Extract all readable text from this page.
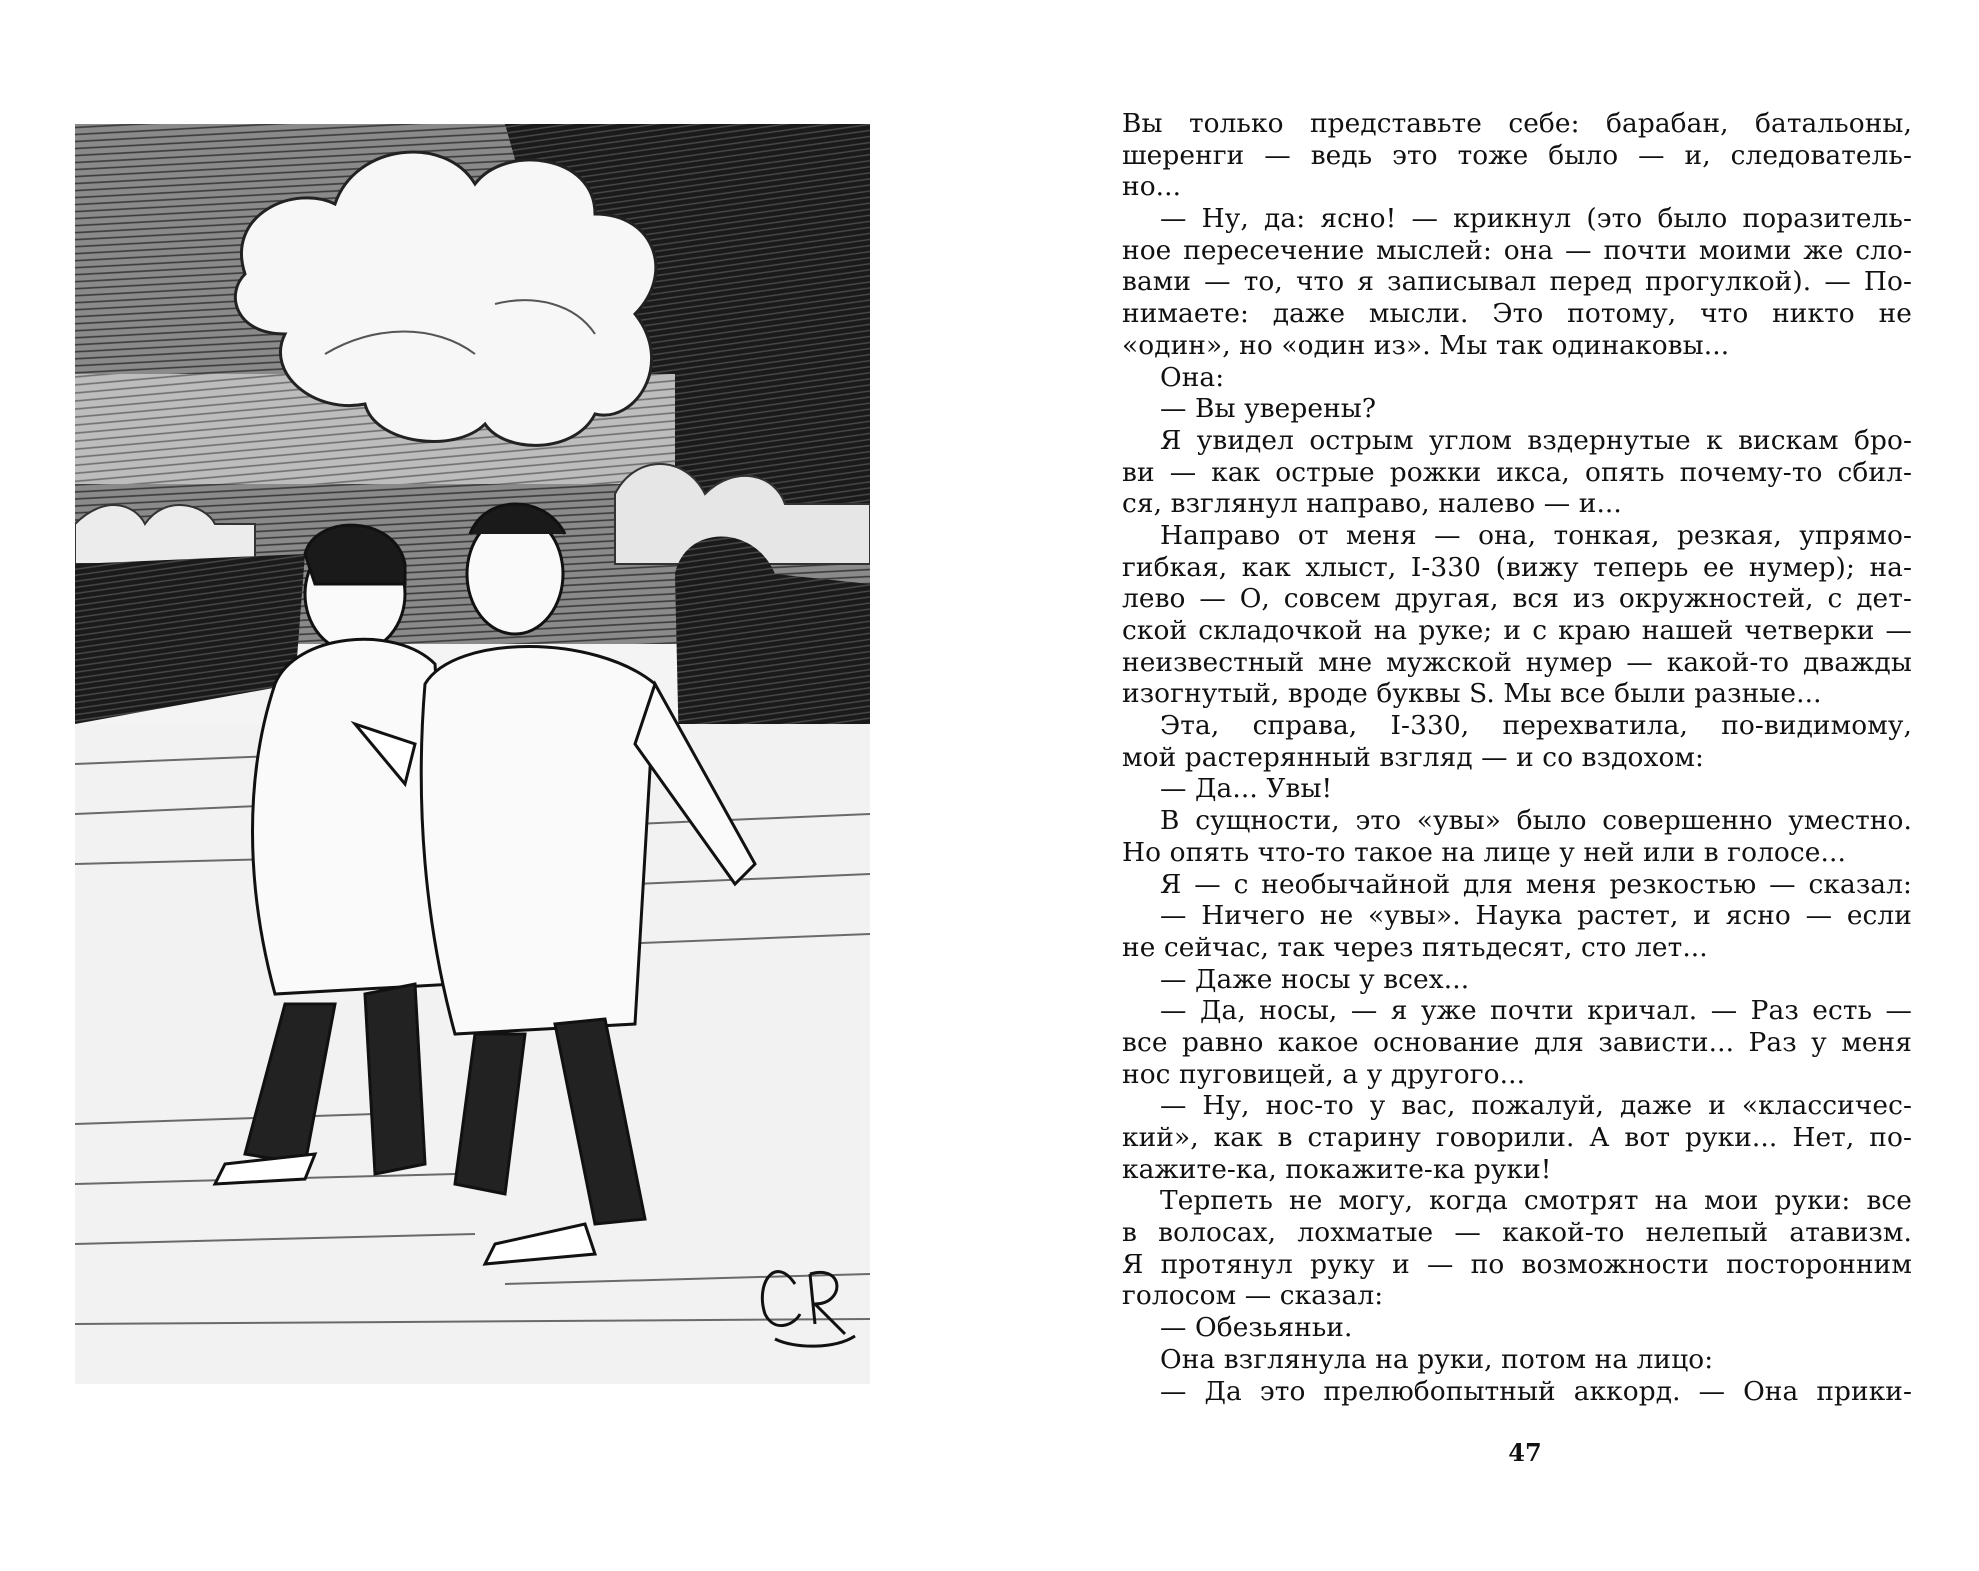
Вы только представьте себе: барабан, батальоны,
шеренги — ведь это тоже было — и, следователь-
но...
— Ну, да: ясно! — крикнул (это было поразитель-
ное пересечение мыслей: она — почти моими же сло-
вами — то, что я записывал перед прогулкой). — По-
нимаете: даже мысли. Это потому, что никто не
«один», но «один из». Мы так одинаковы...
Она:
— Вы уверены?
Я увидел острым углом вздернутые к вискам бро-
ви — как острые рожки икса, опять почему-то сбил-
ся, взглянул направо, налево — и...
Направо от меня — она, тонкая, резкая, упрямо-
гибкая, как хлыст, I-330 (вижу теперь ее нумер); на-
лево — О, совсем другая, вся из окружностей, с дет-
ской складочкой на руке; и с краю нашей четверки —
неизвестный мне мужской нумер — какой-то дважды
изогнутый, вроде буквы S. Мы все были разные...
Эта, справа, I-330, перехватила, по-видимому,
мой растерянный взгляд — и со вздохом:
— Да... Увы!
В сущности, это «увы» было совершенно уместно.
Но опять что-то такое на лице у ней или в голосе...
Я — с необычайной для меня резкостью — сказал:
— Ничего не «увы». Наука растет, и ясно — если
не сейчас, так через пятьдесят, сто лет...
— Даже носы у всех...
— Да, носы, — я уже почти кричал. — Раз есть —
все равно какое основание для зависти... Раз у меня
нос пуговицей, а у другого...
— Ну, нос-то у вас, пожалуй, даже и «классичес-
кий», как в старину говорили. А вот руки... Нет, по-
кажите-ка, покажите-ка руки!
Терпеть не могу, когда смотрят на мои руки: все
в волосах, лохматые — какой-то нелепый атавизм.
Я протянул руку и — по возможности посторонним
голосом — сказал:
— Обезьяньи.
Она взглянула на руки, потом на лицо:
— Да это прелюбопытный аккорд. — Она прики-
47
